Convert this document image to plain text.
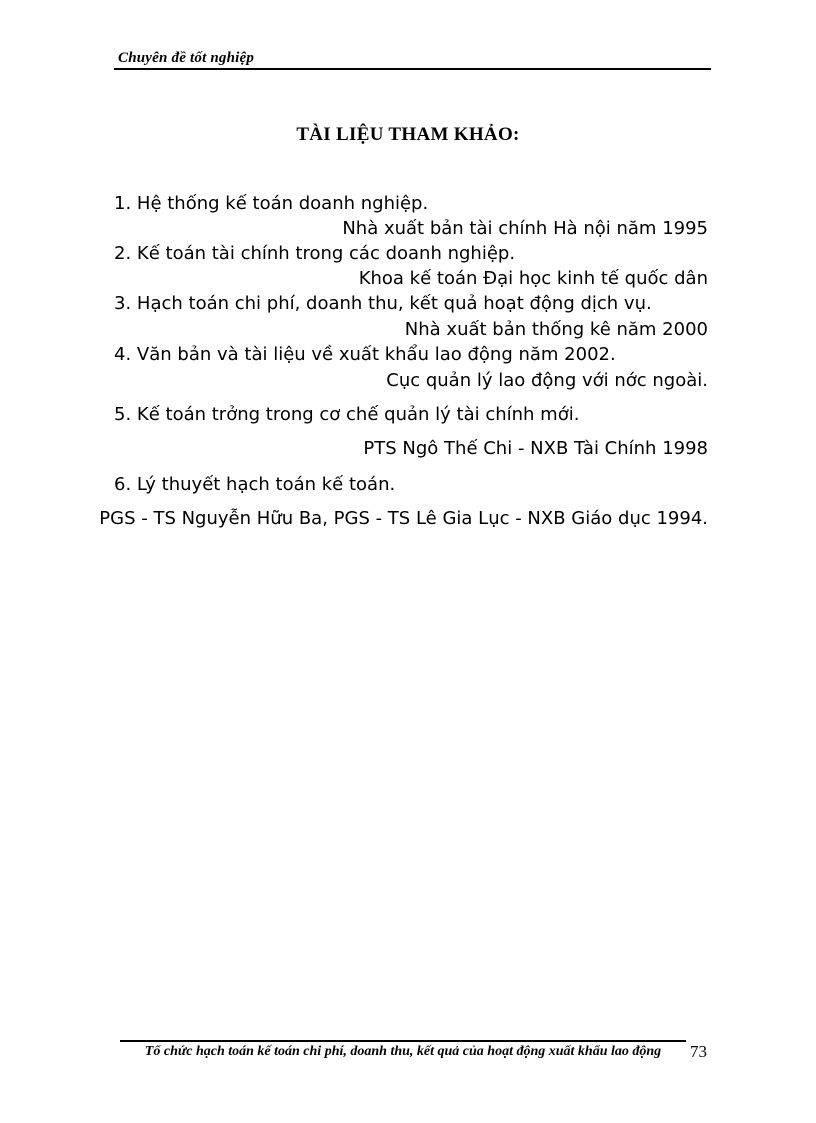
Chuyên đề tốt nghiệp
TÀI LIỆU THAM KHẢO:
1. Hệ thống kế toán doanh nghiệp.
Nhà xuất bản tài chính Hà nội năm 1995
2. Kế toán tài chính trong các doanh nghiệp.
Khoa kế toán Đại học kinh tế quốc dân
3. Hạch toán chi phí, doanh thu, kết quả hoạt động dịch vụ.
Nhà xuất bản thống kê năm 2000
4. Văn bản và tài liệu về xuất khẩu lao động năm 2002.
Cục quản lý lao động với nớc ngoài.
5. Kế toán trởng trong cơ chế quản lý tài chính mới.
PTS Ngô Thế Chi - NXB Tài Chính 1998
6. Lý thuyết hạch toán kế toán.
PGS - TS Nguyễn Hữu Ba, PGS - TS Lê Gia Lục - NXB Giáo dục 1994.
Tổ chức hạch toán kế toán chi phí, doanh thu, kết quả của hoạt động xuất khẩu lao động	73
